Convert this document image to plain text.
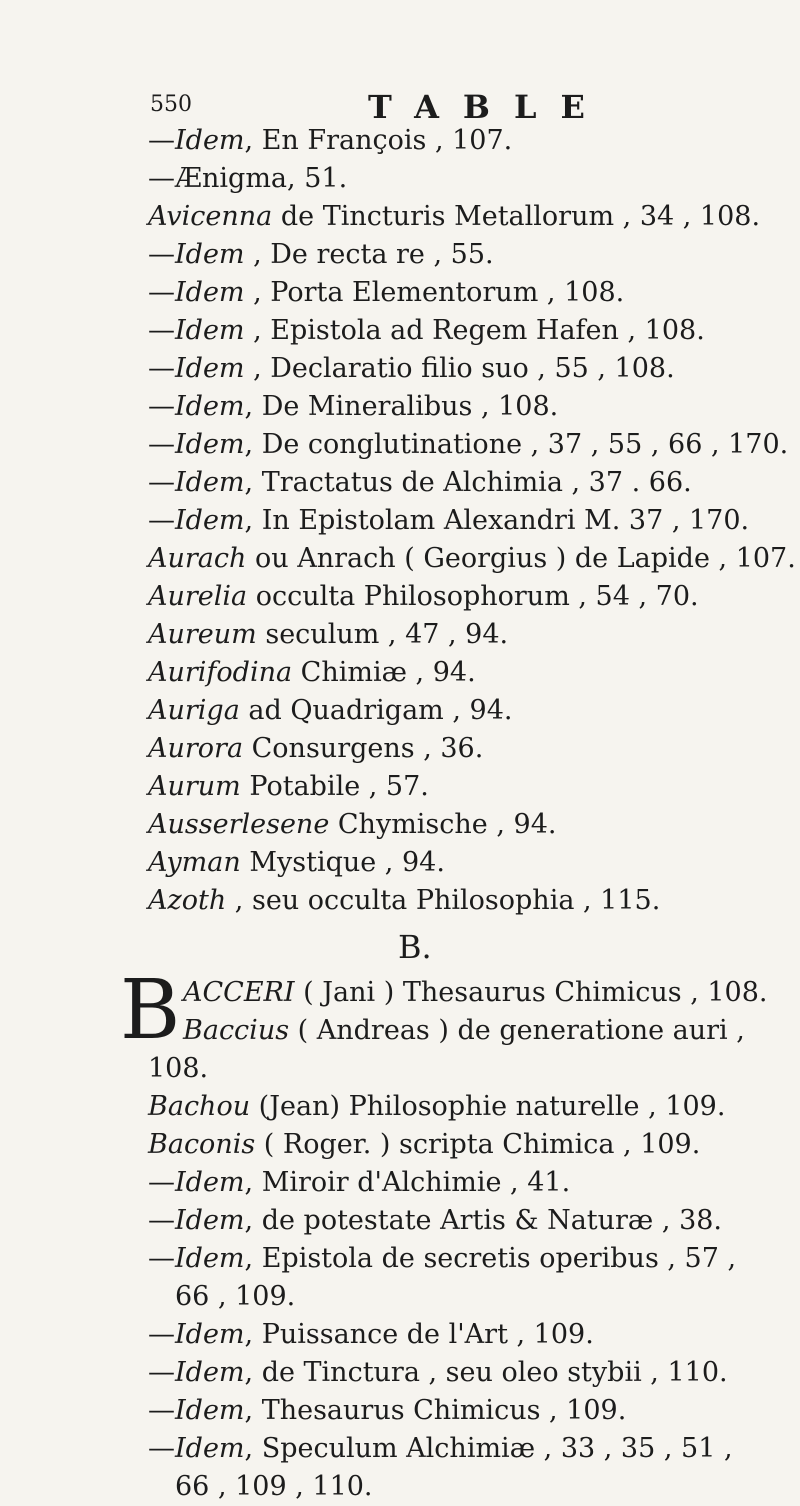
550	TABLE
—Idem, En François , 107.
—Ænigma, 51.
Avicenna de Tincturis Metallorum , 34 , 108.
—Idem , De recta re , 55.
—Idem , Porta Elementorum , 108.
—Idem , Epistola ad Regem Hafen , 108.
—Idem , Declaratio filio suo , 55 , 108.
—Idem, De Mineralibus , 108.
—Idem, De conglutinatione , 37 , 55 , 66 , 170.
—Idem, Tractatus de Alchimia , 37 . 66.
—Idem, In Epistolam Alexandri M. 37 , 170.
Aurach ou Anrach ( Georgius ) de Lapide , 107.
Aurelia occulta Philosophorum , 54 , 70.
Aureum seculum , 47 , 94.
Aurifodina Chimiæ , 94.
Auriga ad Quadrigam , 94.
Aurora Consurgens , 36.
Aurum Potabile , 57.
Ausserlesene Chymische , 94.
Ayman Mystique , 94.
Azoth , seu occulta Philosophia , 115.
B.
B ACCERI ( Jani ) Thesaurus Chimicus , 108.
Baccius ( Andreas ) de generatione auri ,
108.
Bachou (Jean) Philosophie naturelle , 109.
Baconis ( Roger. ) scripta Chimica , 109.
—Idem, Miroir d'Alchimie , 41.
—Idem, de potestate Artis & Naturæ , 38.
—Idem, Epistola de secretis operibus , 57 ,
66 , 109.
—Idem, Puissance de l'Art , 109.
—Idem, de Tinctura , seu oleo stybii , 110.
—Idem, Thesaurus Chimicus , 109.
—Idem, Speculum Alchimiæ , 33 , 35 , 51 ,
66 , 109 , 110.
